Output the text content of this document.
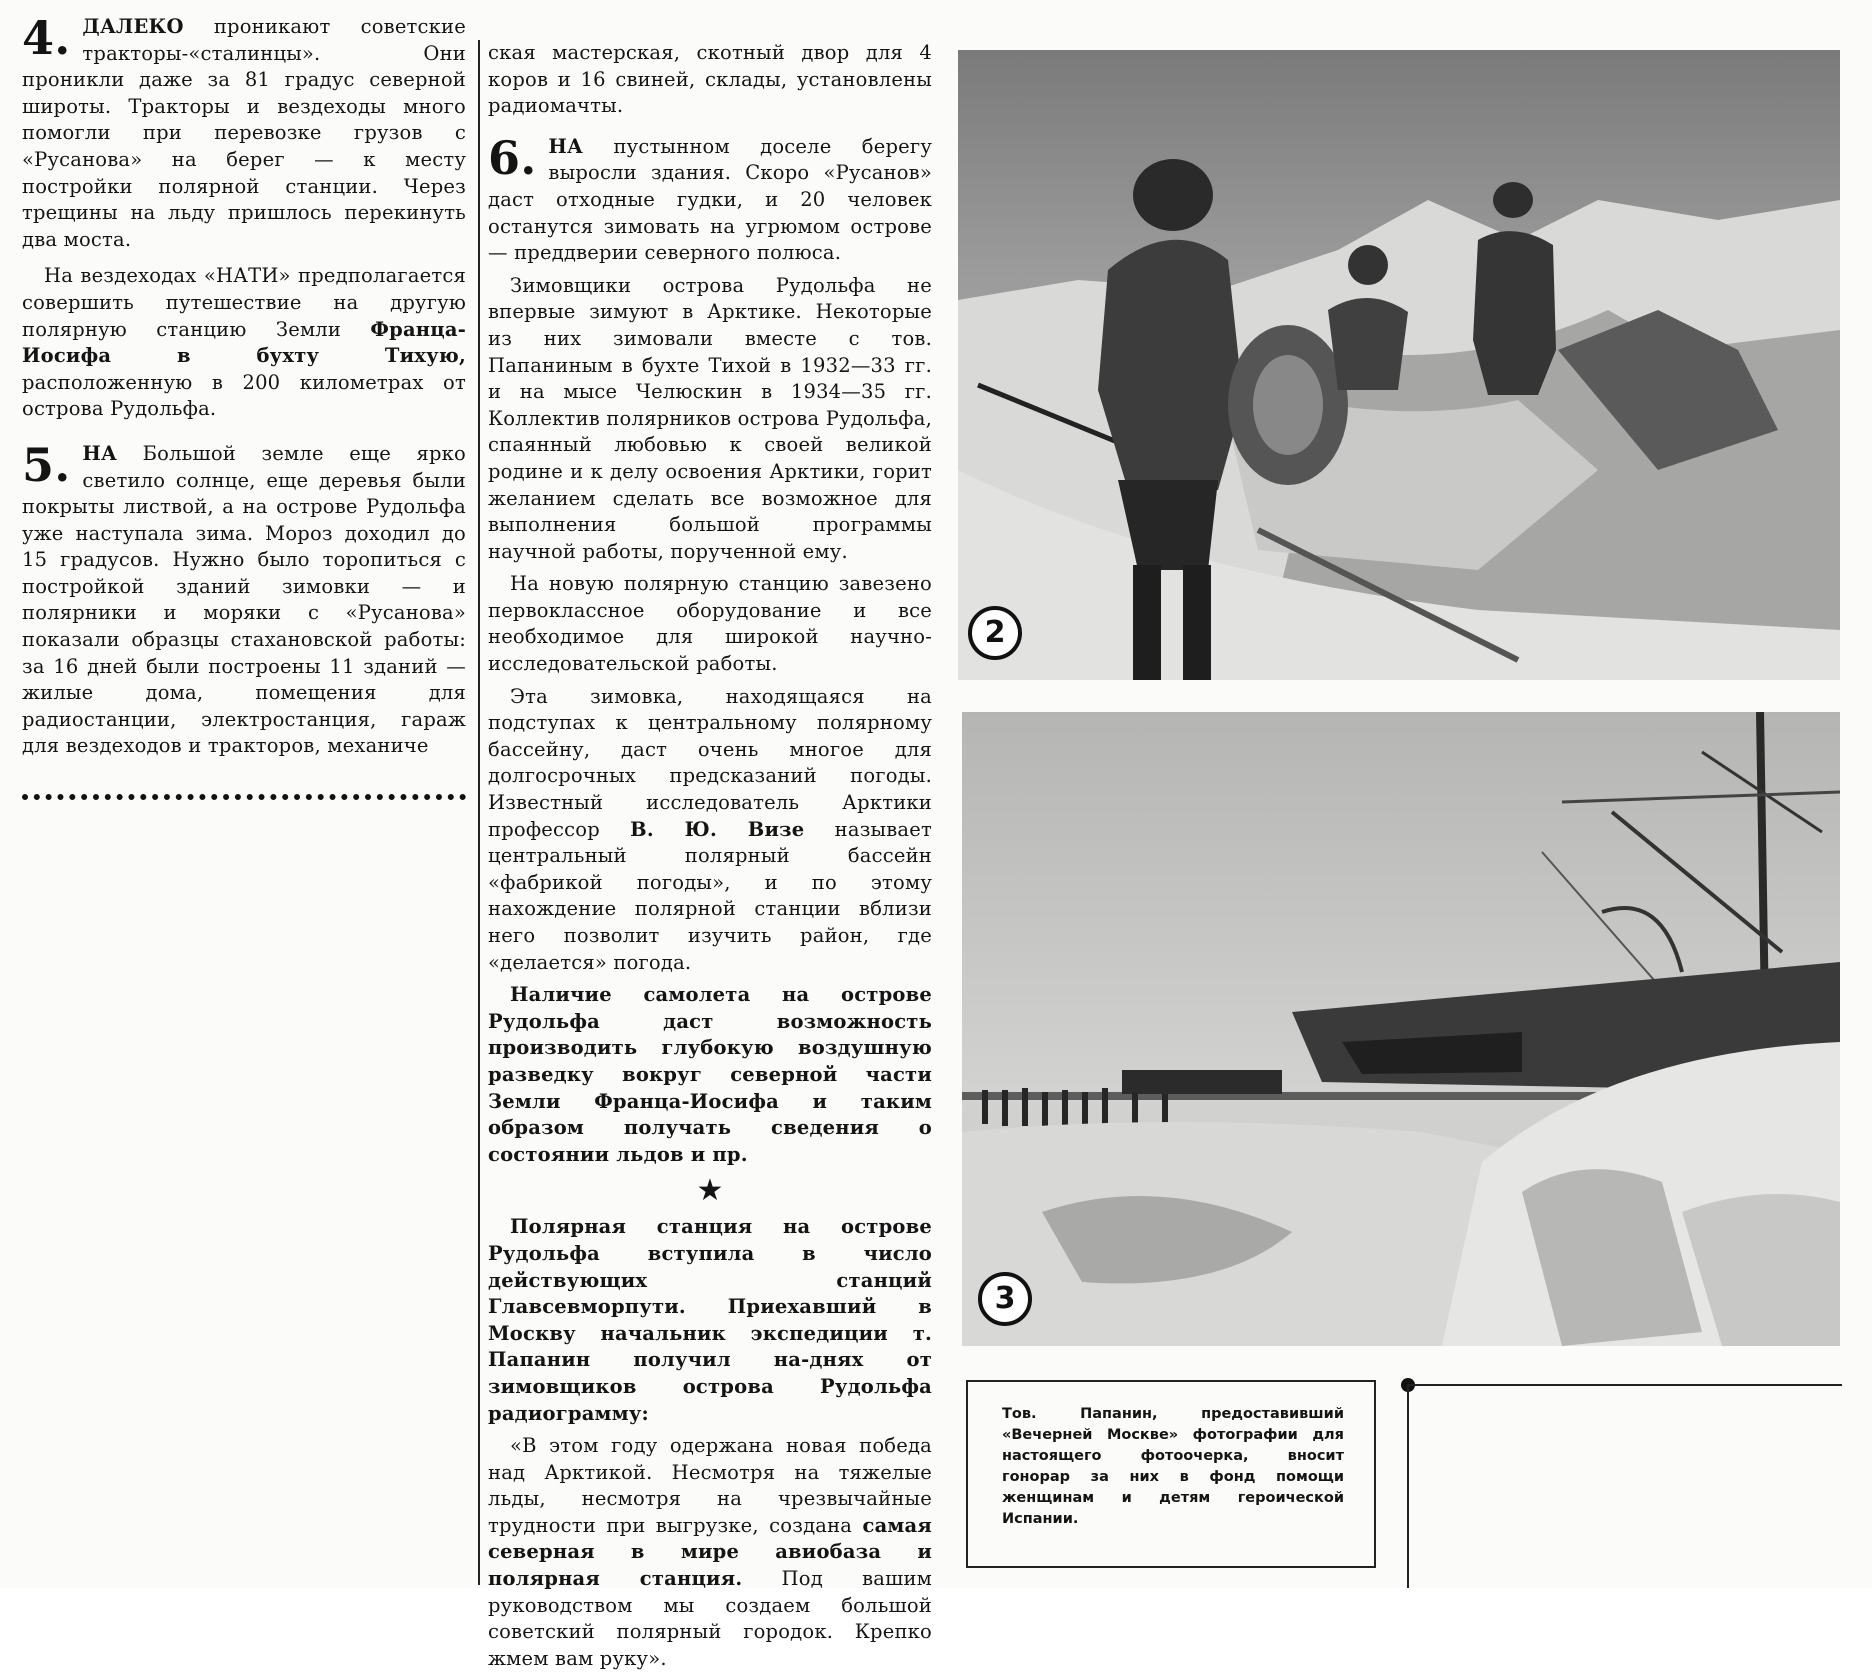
4. ДАЛЕКО проникают советские тракторы-«сталинцы». Они проникли даже за 81 градус северной широты. Тракторы и вездеходы много помогли при перевозке грузов с «Русанова» на берег — к месту постройки полярной станции. Через трещины на льду пришлось перекинуть два моста.

На вездеходах «НАТИ» предполагается совершить путешествие на другую полярную станцию Земли Франца-Иосифа в бухту Тихую, расположенную в 200 километрах от острова Рудольфа.

5. НА Большой земле еще ярко светило солнце, еще деревья были покрыты листвой, а на острове Рудольфа уже наступала зима. Мороз доходил до 15 градусов. Нужно было торопиться с постройкой зданий зимовки — и полярники и моряки с «Русанова» показали образцы стахановской работы: за 16 дней были построены 11 зданий — жилые дома, помещения для радиостанции, электростанция, гараж для вездеходов и тракторов, механиче

ская мастерская, скотный двор для 4 коров и 16 свиней, склады, установлены радиомачты.

6. НА пустынном доселе берегу выросли здания. Скоро «Русанов» даст отходные гудки, и 20 человек останутся зимовать на угрюмом острове — преддверии северного полюса.

Зимовщики острова Рудольфа не впервые зимуют в Арктике. Некоторые из них зимовали вместе с тов. Папаниным в бухте Тихой в 1932—33 гг. и на мысе Челюскин в 1934—35 гг. Коллектив полярников острова Рудольфа, спаянный любовью к своей великой родине и к делу освоения Арктики, горит желанием сделать все возможное для выполнения большой программы научной работы, порученной ему.

На новую полярную станцию завезено первоклассное оборудование и все необходимое для широкой научно-исследовательской работы.

Эта зимовка, находящаяся на подступах к центральному полярному бассейну, даст очень многое для долгосрочных предсказаний погоды. Известный исследователь Арктики профессор В. Ю. Визе называет центральный полярный бассейн «фабрикой погоды», и по этому нахождение полярной станции вблизи него позволит изучить район, где «делается» погода.

Наличие самолета на острове Рудольфа даст возможность производить глубокую воздушную разведку вокруг северной части Земли Франца-Иосифа и таким образом получать сведения о состоянии льдов и пр.

★

Полярная станция на острове Рудольфа вступила в число действующих станций Главсевморпути. Приехавший в Москву начальник экспедиции т. Папанин получил на-днях от зимовщиков острова Рудольфа радиограмму:

«В этом году одержана новая победа над Арктикой. Несмотря на тяжелые льды, несмотря на чрезвычайные трудности при выгрузке, создана самая северная в мире авиобаза и полярная станция. Под вашим руководством мы создаем большой советский полярный городок. Крепко жмем вам руку».

2
3
Тов. Папанин, предоставивший «Вечерней Москве» фотографии для настоящего фотоочерка, вносит гонорар за них в фонд помощи женщинам и детям героической Испании.
